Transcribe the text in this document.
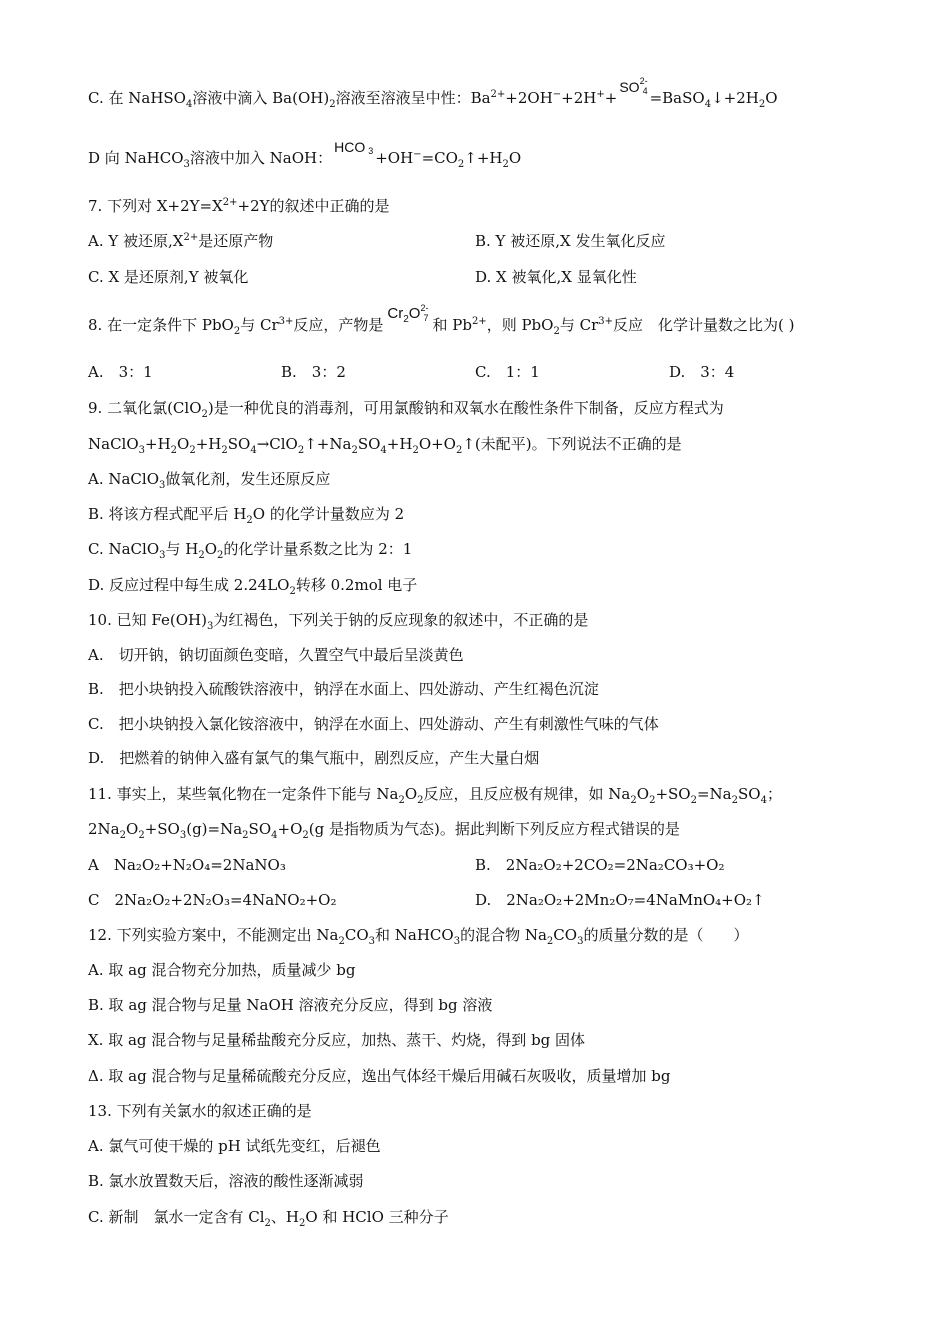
C. 在 NaHSO$_4$溶液中滴入 $Ba(OH)_2$溶液至溶液呈中性：$Ba^{2+}+2OH^-+2H^++SO$ 2-
$4 =BaSO_4↓+2H_2O$
D 向 NaHCO$_3$溶液中加入 NaOH：HCO $3 +OH^-=CO_2↑+H_2O$
7. 下列对 $X+2Y=X^{2+}+2Y$的叙述中正确的是
A. Y 被还原$,X^{2+}$是还原产物	B. Y 被还原,X 发生氧化反应
C. X 是还原剂,Y 被氧化	D. X 被氧化,X 显氧化性
8. 在一定条件下 PbO$_2$与 $Cr^{3+}$反应，产物是$Cr_2O$ 2-
7 和 $Pb^{2+}$，则 PbO$_2$与 $Cr^{3+}$反应　化学计量数之比为( )
A.　3：1	B.　3：2	C.　1：1	D.　3：4
9. 二氧化氯(ClO$_2$)是一种优良的消毒剂，可用氯酸钠和双氧水在酸性条件下制备，反应方程式为
$NaClO_3+H_2O_2+H_2SO_4\to ClO_2↑+Na_2SO_4+H_2O+O_2↑$(未配平)。下列说法不正确的是
A. NaClO$_3$做氧化剂，发生还原反应
B. 将该方程式配平后 $H_2O$ 的化学计量数应为 2
C. NaClO$_3$与 $H_2O_2$的化学计量系数之比为 2：1
D. 反应过程中每生成 $2.24LO_2$转移 0.2mol 电子
10. 已知 $Fe(OH)_3$为红褐色，下列关于钠的反应现象的叙述中，不正确的是
A.　切开钠，钠切面颜色变暗，久置空气中最后呈淡黄色
B.　把小块钠投入硫酸铁溶液中，钠浮在水面上、四处游动、产生红褐色沉淀
C.　把小块钠投入氯化铵溶液中，钠浮在水面上、四处游动、产生有刺激性气味的气体
D.　把燃着的钠伸入盛有氯气的集气瓶中，剧烈反应，产生大量白烟
11. 事实上，某些氧化物在一定条件下能与 $Na_2O_2$反应，且反应极有规律，如 $Na_2O_2+SO_2=Na_2SO_4$；
$2Na_2O_2+SO_3(g)=Na_2SO_4+O_2(g$ 是指物质为气态)。据此判断下列反应方程式错误的是
A　Na₂O₂+N₂O₄=2NaNO₃	B.　2Na₂O₂+2CO₂=2Na₂CO₃+O₂
C　2Na₂O₂+2N₂O₃=4NaNO₂+O₂	D.　2Na₂O₂+2Mn₂O₇=4NaMnO₄+O₂↑
12. 下列实验方案中，不能测定出 $Na_2CO_3$和 NaHCO$_3$的混合物 $Na_2CO_3$的质量分数的是（　　）
A. 取 ag 混合物充分加热，质量减少 bg
B. 取 ag 混合物与足量 NaOH 溶液充分反应，得到 bg 溶液
X. 取 ag 混合物与足量稀盐酸充分反应，加热、蒸干、灼烧，得到 bg 固体
Δ. 取 ag 混合物与足量稀硫酸充分反应，逸出气体经干燥后用碱石灰吸收，质量增加 bg
13. 下列有关氯水的叙述正确的是
A. 氯气可使干燥的 pH 试纸先变红，后褪色
B. 氯水放置数天后，溶液的酸性逐渐减弱
C. 新制　氯水一定含有 $Cl_2$、$H_2O$ 和 HClO 三种分子
